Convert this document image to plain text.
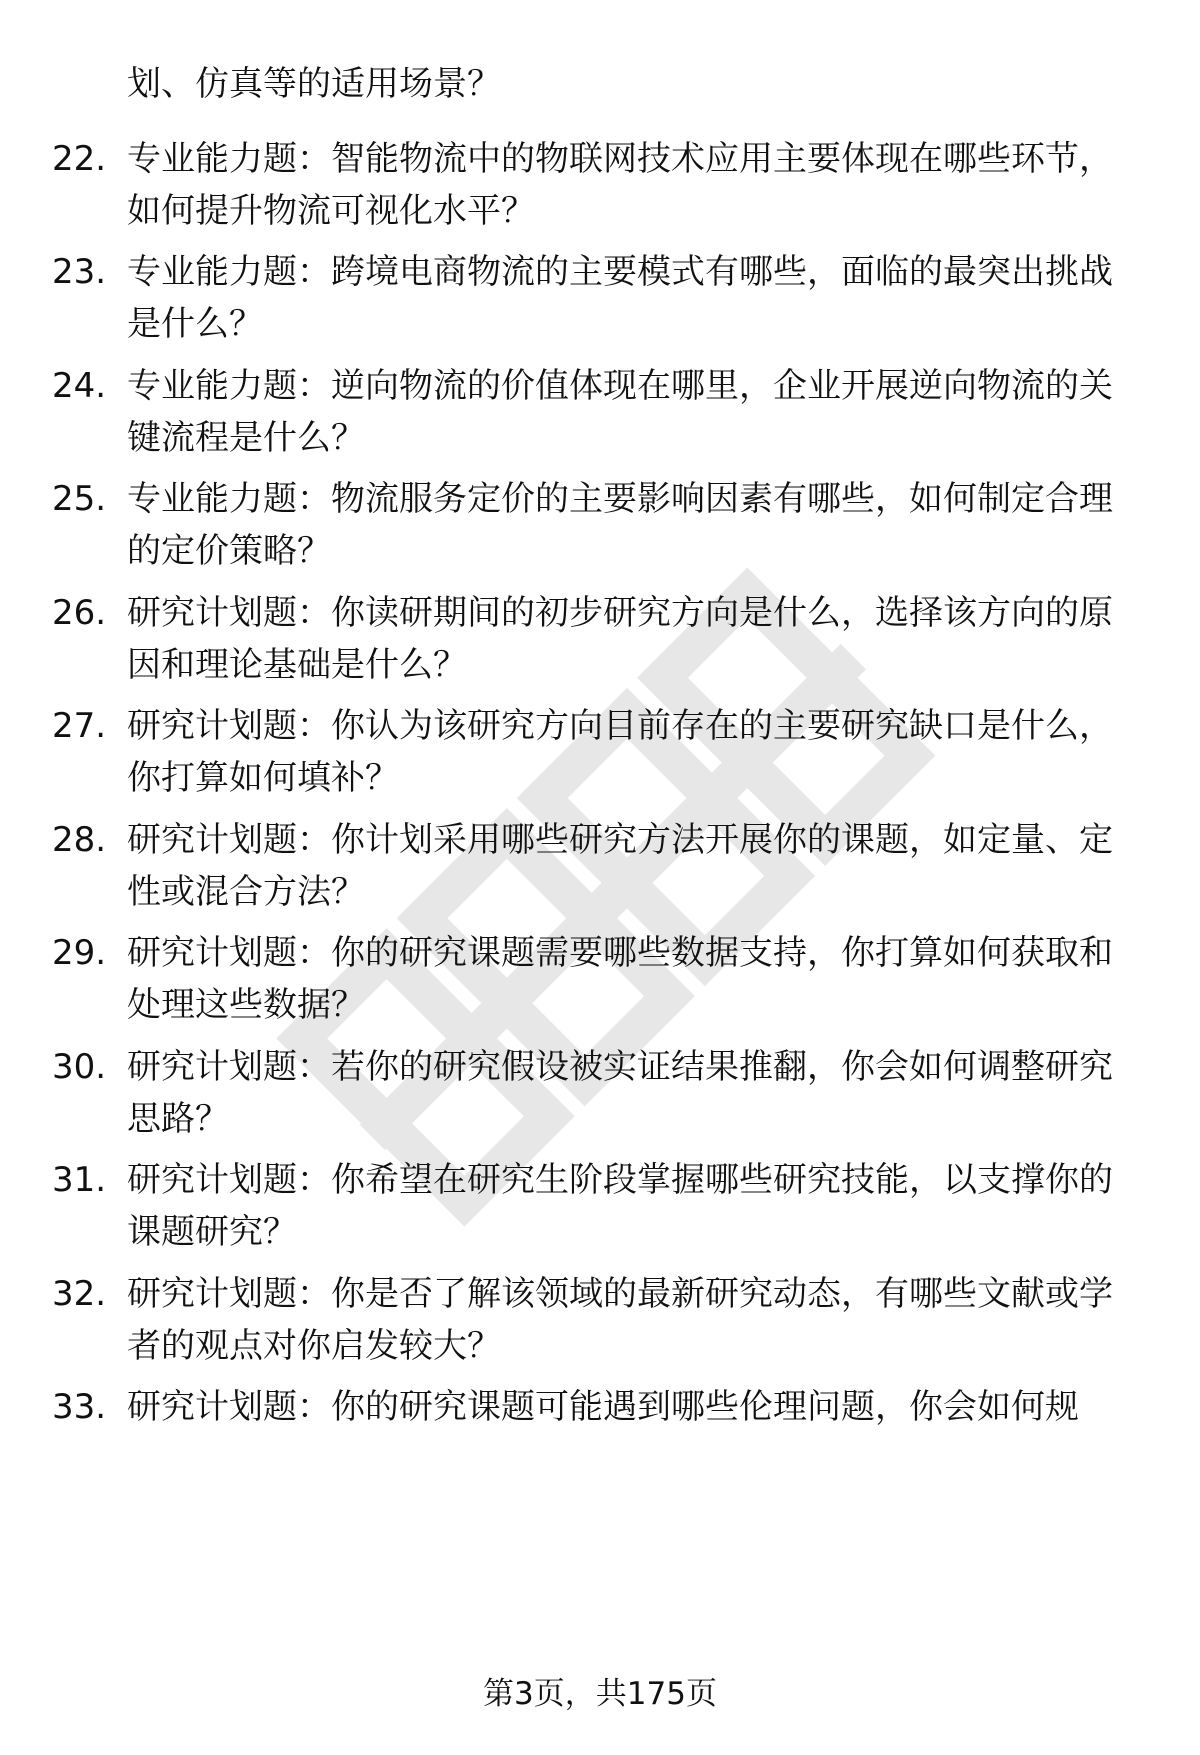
划、仿真等的适用场景？
22. 专业能力题：智能物流中的物联网技术应用主要体现在哪些环节，如何提升物流可视化水平？
23. 专业能力题：跨境电商物流的主要模式有哪些，面临的最突出挑战是什么？
24. 专业能力题：逆向物流的价值体现在哪里，企业开展逆向物流的关键流程是什么？
25. 专业能力题：物流服务定价的主要影响因素有哪些，如何制定合理的定价策略？
26. 研究计划题：你读研期间的初步研究方向是什么，选择该方向的原因和理论基础是什么？
27. 研究计划题：你认为该研究方向目前存在的主要研究缺口是什么，你打算如何填补？
28. 研究计划题：你计划采用哪些研究方法开展你的课题，如定量、定性或混合方法？
29. 研究计划题：你的研究课题需要哪些数据支持，你打算如何获取和处理这些数据？
30. 研究计划题：若你的研究假设被实证结果推翻，你会如何调整研究思路？
31. 研究计划题：你希望在研究生阶段掌握哪些研究技能，以支撑你的课题研究？
32. 研究计划题：你是否了解该领域的最新研究动态，有哪些文献或学者的观点对你启发较大？
33. 研究计划题：你的研究课题可能遇到哪些伦理问题，你会如何规
第3页，共175页
